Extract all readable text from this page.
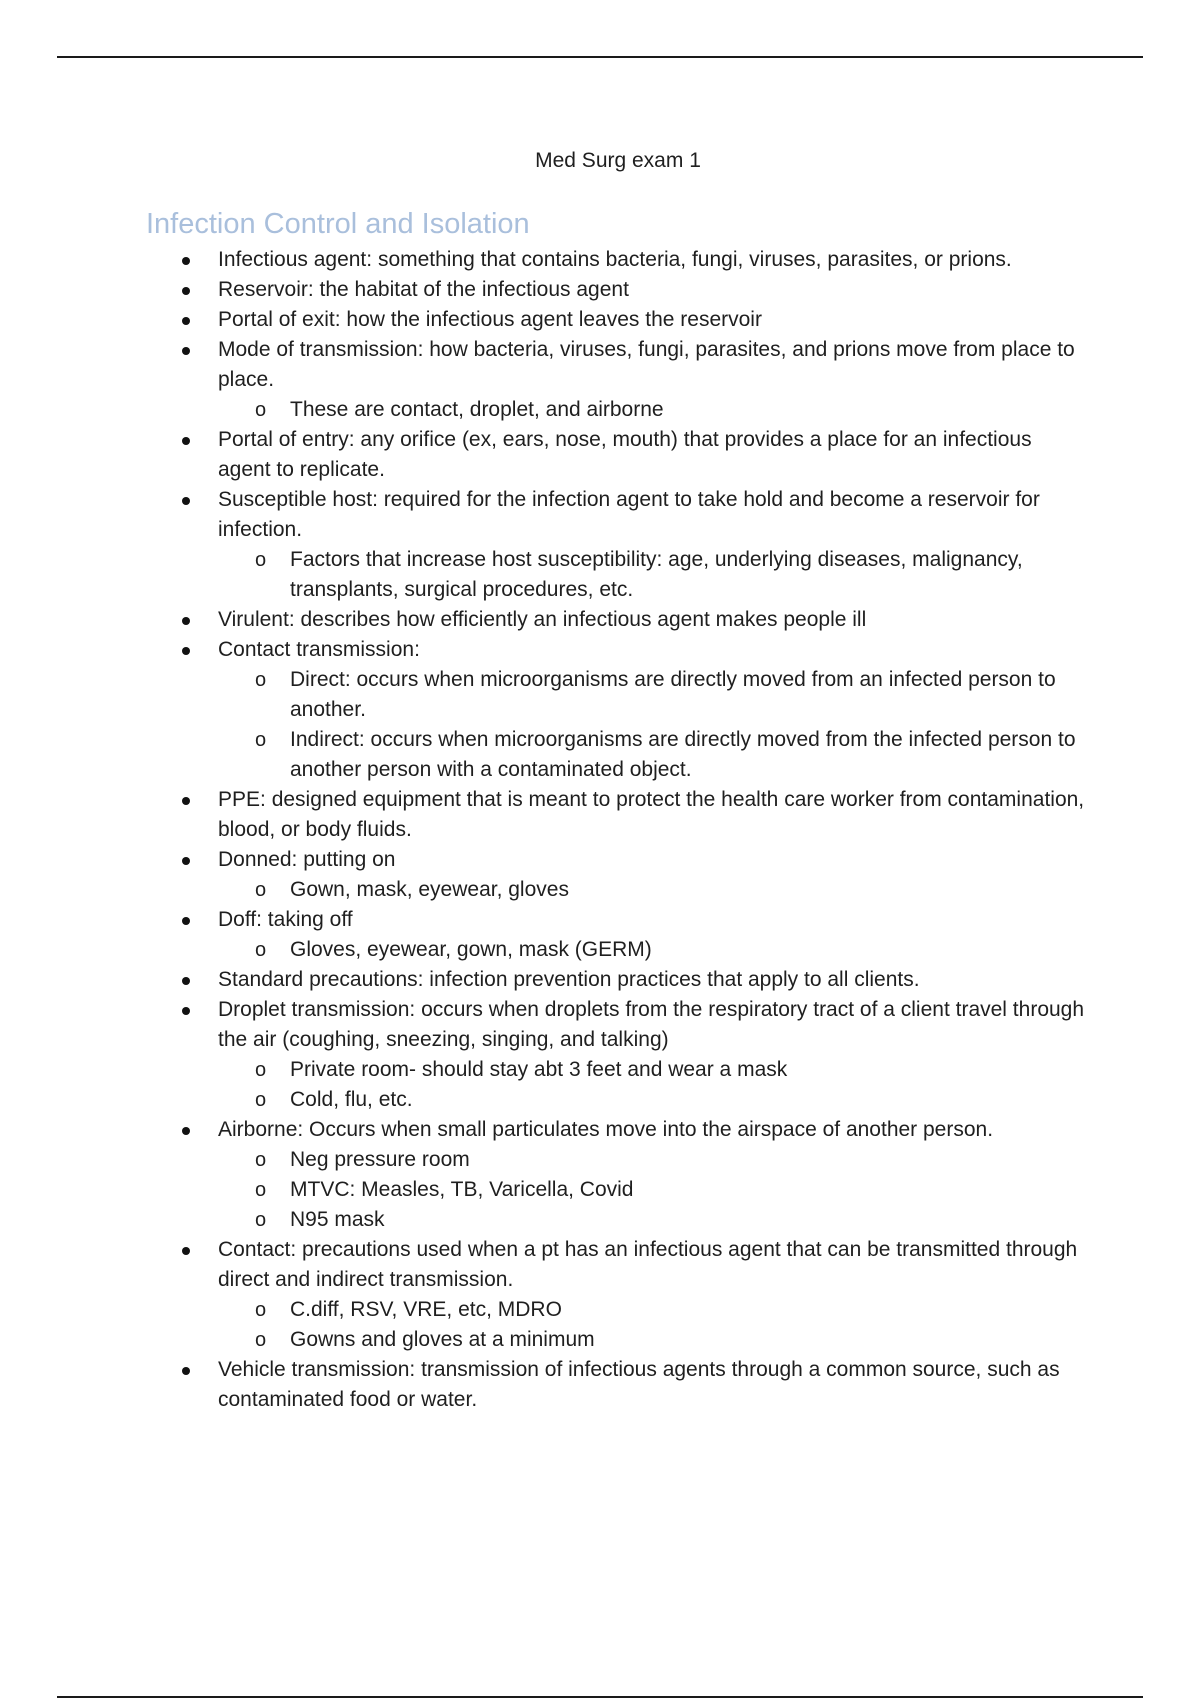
Med Surg exam 1
Infection Control and Isolation
Infectious agent: something that contains bacteria, fungi, viruses, parasites, or prions.
Reservoir: the habitat of the infectious agent
Portal of exit: how the infectious agent leaves the reservoir
Mode of transmission: how bacteria, viruses, fungi, parasites, and prions move from place to place.
o These are contact, droplet, and airborne
Portal of entry: any orifice (ex, ears, nose, mouth) that provides a place for an infectious agent to replicate.
Susceptible host: required for the infection agent to take hold and become a reservoir for infection.
o Factors that increase host susceptibility: age, underlying diseases, malignancy, transplants, surgical procedures, etc.
Virulent: describes how efficiently an infectious agent makes people ill
Contact transmission:
o Direct: occurs when microorganisms are directly moved from an infected person to another.
o Indirect: occurs when microorganisms are directly moved from the infected person to another person with a contaminated object.
PPE: designed equipment that is meant to protect the health care worker from contamination, blood, or body fluids.
Donned: putting on
o Gown, mask, eyewear, gloves
Doff: taking off
o Gloves, eyewear, gown, mask (GERM)
Standard precautions: infection prevention practices that apply to all clients.
Droplet transmission: occurs when droplets from the respiratory tract of a client travel through the air (coughing, sneezing, singing, and talking)
o Private room- should stay abt 3 feet and wear a mask
o Cold, flu, etc.
Airborne: Occurs when small particulates move into the airspace of another person.
o Neg pressure room
o MTVC: Measles, TB, Varicella, Covid
o N95 mask
Contact: precautions used when a pt has an infectious agent that can be transmitted through direct and indirect transmission.
o C.diff, RSV, VRE, etc, MDRO
o Gowns and gloves at a minimum
Vehicle transmission: transmission of infectious agents through a common source, such as contaminated food or water.
